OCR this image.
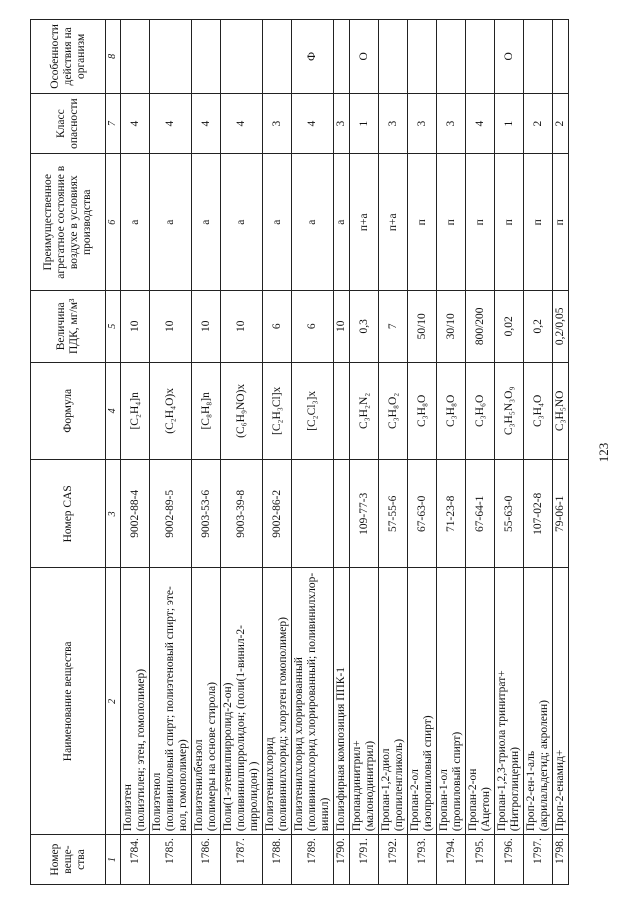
123
Номер веще-ства	Наименование вещества	Номер CAS	Формула	Величина ПДК, мг/м³	Преимущественное агрегатное состояние в воздухе в условиях производства	Класс опасности	Особенности действия на организм
1	2	3	4	5	6	7	8
1784.	Полиэтен (полиэтилен; этен, гомополимер)	9002-88-4	[C₂H₄]n	10	а	4	
1785.	Полиэтенол (поливиниловый спирт; полиэтеновый спирт; эте- нол, гомополимер)	9002-89-5	(C₂H₄O)x	10	а	4	
1786.	Полиэтенилбензол (полимеры на основе стирола)	9003-53-6	[C₈H₈]n	10	а	4	
1787.	Поли(1-этенилпирролид-2-он) (поливинилпирролидон; (поли(1-винил-2- пирролидон) )	9003-39-8	(C₆H₉NO)x	10	а	4	
1788.	Полиэтенилхлорид (поливинилхлорид; хлорэтен гомополимер)	9002-86-2	[C₂H₃Cl]x	6	а	3	
1789.	Полиэтенилхлорид хлорированный (поливинилхлорид хлорированный; поливинилхлор- винил)		[C₂Cl₃]x	6	а	4	Ф
1790.	Полиэфирная композиция ППК-1			10	а	3	
1791.	Пропандинитрил+ (малонодинитрил)	109-77-3	C₃H₂N₂	0,3	п+а	1	О
1792.	Пропан-1,2-диол (пропиленгликоль)	57-55-6	C₃H₈O₂	7	п+а	3	
1793.	Пропан-2-ол (изопропиловый спирт)	67-63-0	C₃H₈O	50/10	п	3	
1794.	Пропан-1-ол (пропиловый спирт)	71-23-8	C₃H₈O	30/10	п	3	
1795.	Пропан-2-он (Ацетон)	67-64-1	C₃H₆O	800/200	п	4	
1796.	Пропан-1,2,3-триола тринитрат+ (Нитроглицерин)	55-63-0	C₃H₅N₃O₉	0,02	п	1	О
1797.	Проп-2-ен-1-аль (акрилальдегид; акролеин)	107-02-8	C₃H₄O	0,2	п	2	
1798.	Проп-2-енамид+	79-06-1	C₃H₅NO	0,2/0,05	п	2	
